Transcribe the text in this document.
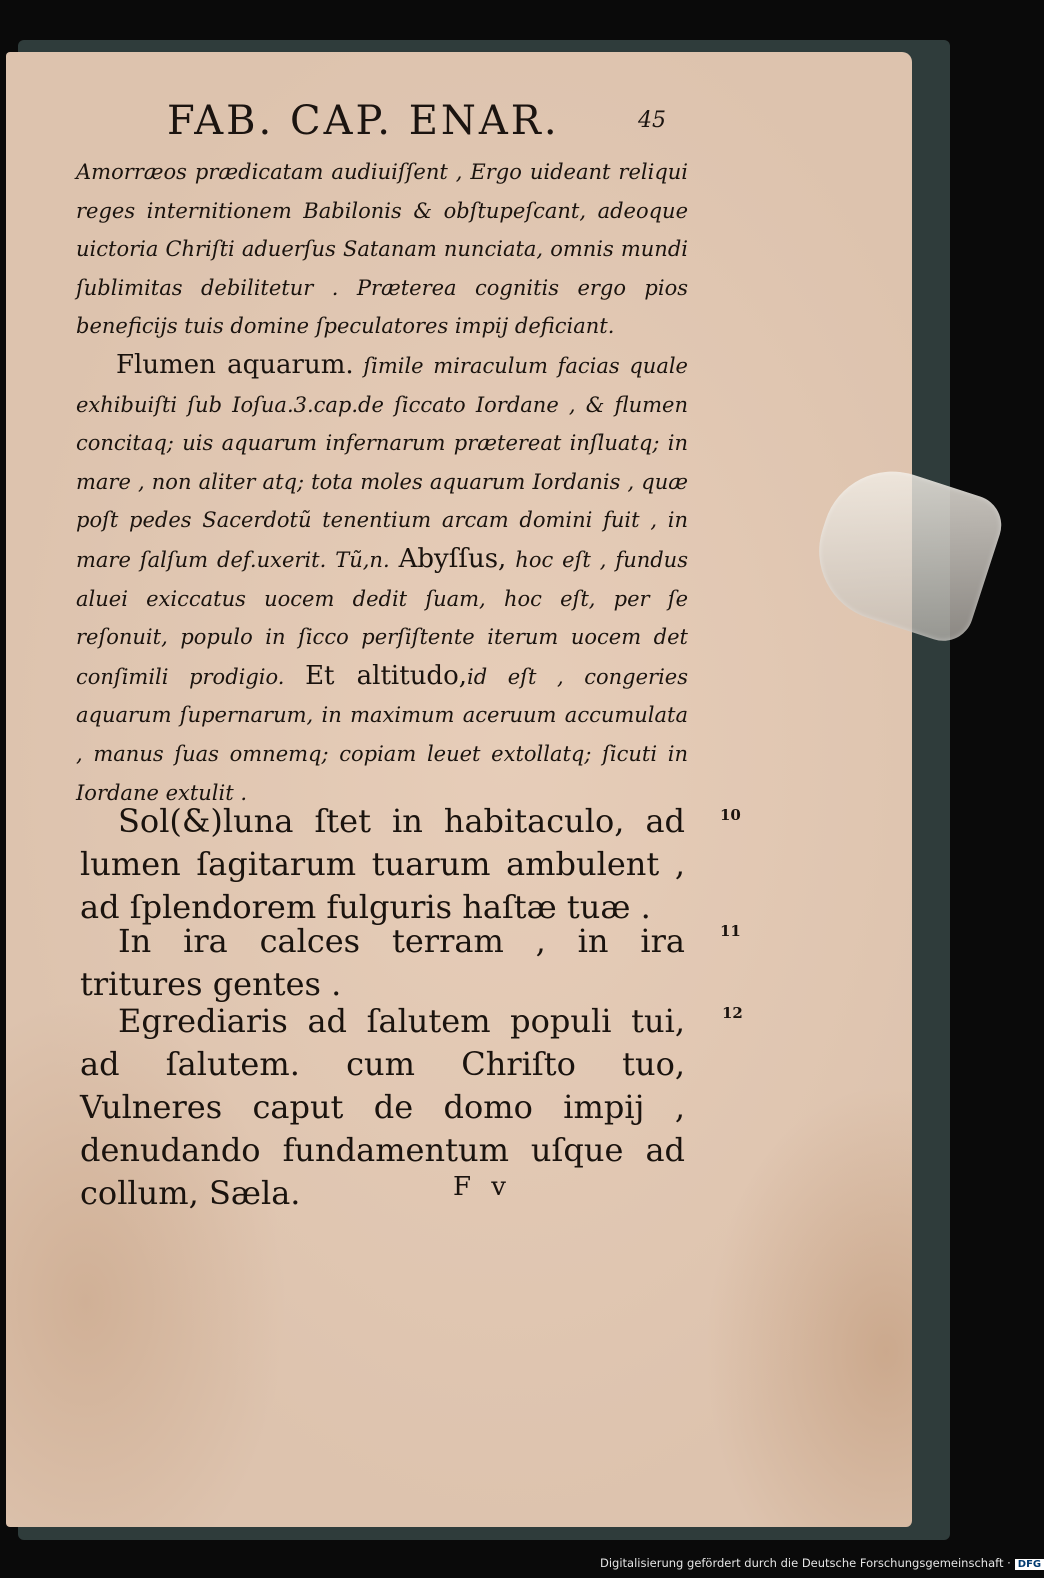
FAB. CAP. ENAR.	45

Amorræos prædicatam audiuiſſent , Ergo uideant reliqui reges internitionem Babilonis & obſtupeſcant, adeoque uictoria Chriſti aduerſus Satanam nunciata, omnis mundi ſublimitas debilitetur . Præterea cognitis ergo pios beneficijs tuis domine ſpeculatores impij deficiant.

Flumen aquarum. ſimile miraculum facias quale exhibuiſti ſub Ioſua.3.cap.de ſiccato Iordane , & flumen concitaq; uis aquarum infernarum prætereat inſluatq; in mare , non aliter atq; tota moles aquarum Iordanis , quæ poſt pedes Sacerdotũ tenentium arcam domini fuit , in mare ſalſum def.uxerit. Tũ,n. Abyſſus, hoc eſt , fundus aluei exiccatus uocem dedit ſuam, hoc eſt, per ſe reſonuit, populo in ſicco perſiſtente iterum uocem det conſimili prodigio. Et altitudo,id eſt , congeries aquarum ſupernarum, in maximum aceruum accumulata , manus ſuas omnemq; copiam leuet extollatq; ſicuti in Iordane extulit .

Sol(&)luna ſtet in habitaculo, ad lumen ſagitarum tuarum ambulent , ad ſplendorem fulguris haſtæ tuæ .

10

In ira calces terram , in ira tritures gentes .

11

Egrediaris ad ſalutem populi tui, ad ſalutem. cum Chriſto tuo, Vulneres caput de domo impij , denudando fundamentum uſque ad collum, Sæla.

12
F v
Digitalisierung gefördert durch die Deutsche Forschungsgemeinschaft · DFG
